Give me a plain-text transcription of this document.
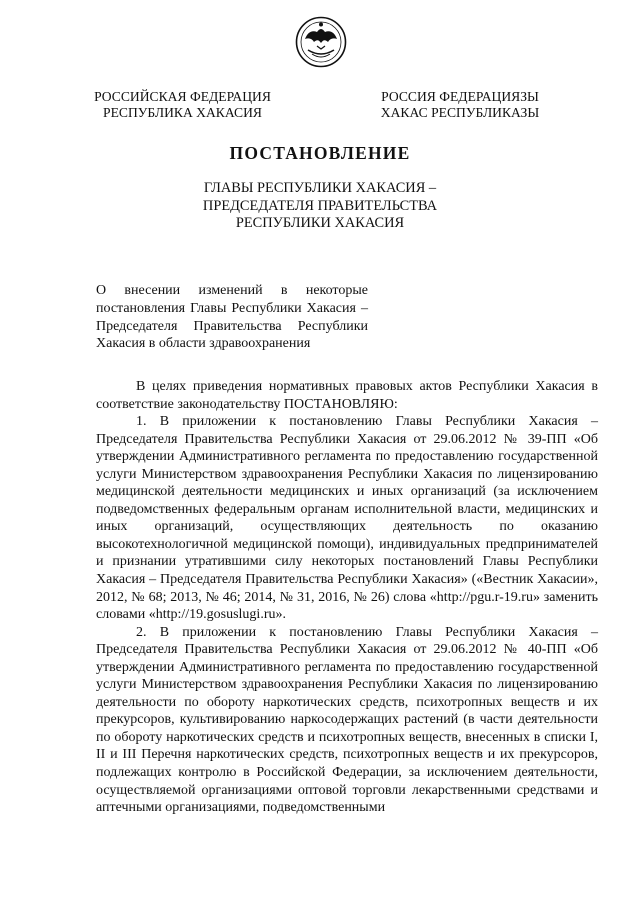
РОССИЙСКАЯ ФЕДЕРАЦИЯ
РЕСПУБЛИКА ХАКАСИЯ
РОССИЯ ФЕДЕРАЦИЯЗЫ
ХАКАС РЕСПУБЛИКАЗЫ
ПОСТАНОВЛЕНИЕ
ГЛАВЫ РЕСПУБЛИКИ ХАКАСИЯ –
ПРЕДСЕДАТЕЛЯ ПРАВИТЕЛЬСТВА
РЕСПУБЛИКИ ХАКАСИЯ
О внесении изменений в некоторые постановления Главы Республики Хакасия – Председателя Правительства Республики Хакасия в области здравоохранения

В целях приведения нормативных правовых актов Республики Хакасия в соответствие законодательству ПОСТАНОВЛЯЮ:

1. В приложении к постановлению Главы Республики Хакасия – Председателя Правительства Республики Хакасия от 29.06.2012 № 39-ПП «Об утверждении Административного регламента по предоставлению государственной услуги Министерством здравоохранения Республики Хакасия по лицензированию медицинской деятельности медицинских и иных организаций (за исключением подведомственных федеральным органам исполнительной власти, медицинских и иных организаций, осуществляющих деятельность по оказанию высокотехнологичной медицинской помощи), индивидуальных предпринимателей и признании утратившими силу некоторых постановлений Главы Республики Хакасия – Председателя Правительства Республики Хакасия» («Вестник Хакасии», 2012, № 68; 2013, № 46; 2014, № 31, 2016, № 26) слова «http://pgu.r-19.ru» заменить словами «http://19.gosuslugi.ru».

2. В приложении к постановлению Главы Республики Хакасия – Председателя Правительства Республики Хакасия от 29.06.2012 № 40-ПП «Об утверждении Административного регламента по предоставлению государственной услуги Министерством здравоохранения Республики Хакасия по лицензированию деятельности по обороту наркотических средств, психотропных веществ и их прекурсоров, культивированию наркосодержащих растений (в части деятельности по обороту наркотических средств и психотропных веществ, внесенных в списки I, II и III Перечня наркотических средств, психотропных веществ и их прекурсоров, подлежащих контролю в Российской Федерации, за исключением деятельности, осуществляемой организациями оптовой торговли лекарственными средствами и аптечными организациями, подведомственными
